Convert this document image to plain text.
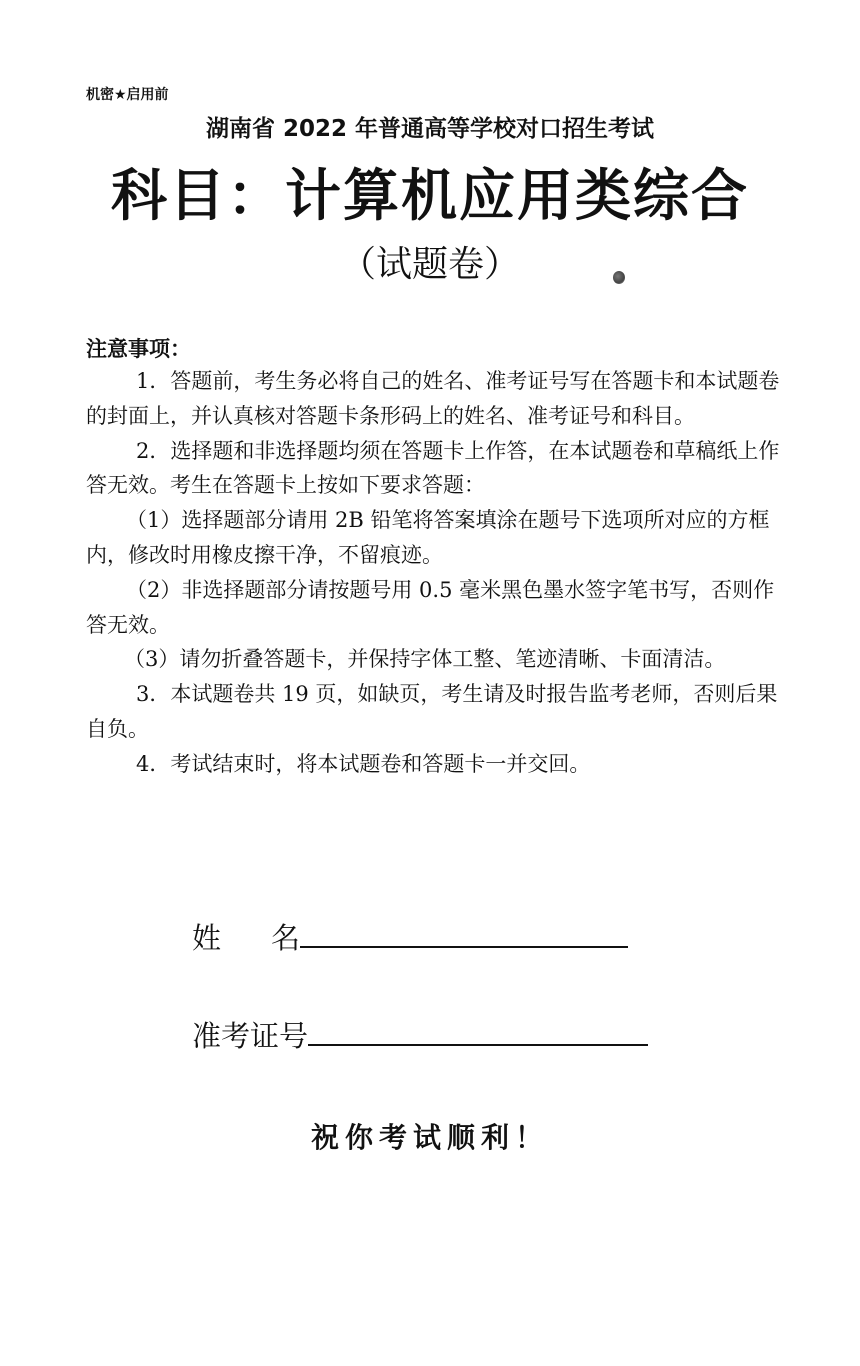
机密★启用前
湖南省 2022 年普通高等学校对口招生考试
科目：计算机应用类综合
（试题卷）
注意事项：

1．答题前，考生务必将自己的姓名、准考证号写在答题卡和本试题卷的封面上，并认真核对答题卡条形码上的姓名、准考证号和科目。

2．选择题和非选择题均须在答题卡上作答，在本试题卷和草稿纸上作答无效。考生在答题卡上按如下要求答题：

（1）选择题部分请用 2B 铅笔将答案填涂在题号下选项所对应的方框内，修改时用橡皮擦干净，不留痕迹。

（2）非选择题部分请按题号用 0.5 毫米黑色墨水签字笔书写，否则作答无效。

（3）请勿折叠答题卡，并保持字体工整、笔迹清晰、卡面清洁。

3．本试题卷共 19 页，如缺页，考生请及时报告监考老师，否则后果自负。

4．考试结束时，将本试题卷和答题卡一并交回。

姓 名
准考证号
祝你考试顺利！
